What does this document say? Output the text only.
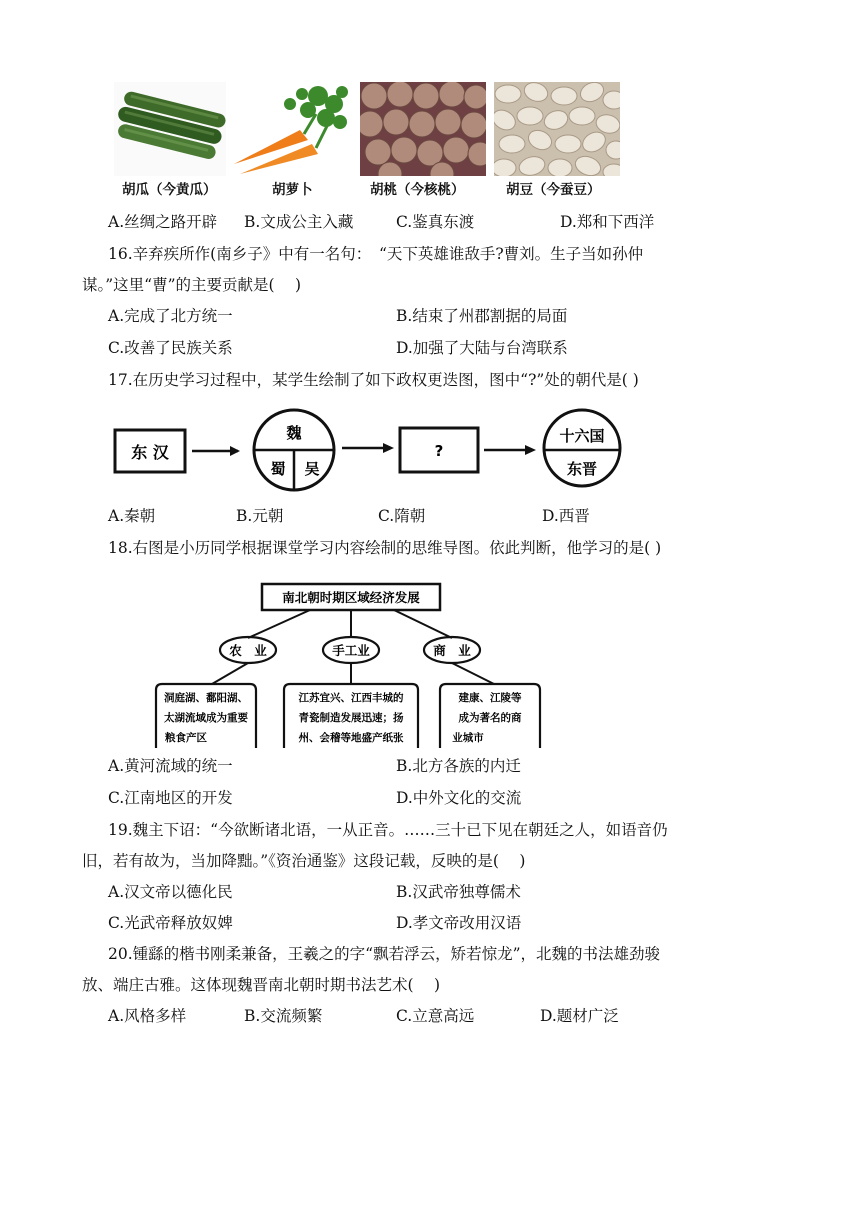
胡瓜（今黄瓜）	胡萝卜	胡桃（今核桃）	胡豆（今蚕豆）
A.丝绸之路开辟 B.文成公主入藏	C.鉴真东渡	D.郑和下西洋
16.辛弃疾所作(南乡子》中有一名句：　“天下英雄谁敌手?曹刘。生子当如孙仲
谋。”这里“曹”的主要贡献是(　 )
A.完成了北方统一	B.结束了州郡割据的局面
C.改善了民族关系	D.加强了大陆与台湾联系
17.在历史学习过程中，某学生绘制了如下政权更迭图，图中“?”处的朝代是( )
东 汉
魏
蜀 吴
?
十六国
东晋
A.秦朝	B.元朝	C.隋朝	D.西晋
18.右图是小历同学根据课堂学习内容绘制的思维导图。依此判断，他学习的是( )
南北朝时期区域经济发展
农　业	手工业	商　业
洞庭湖、鄱阳湖、
太湖流域成为重要
粮食产区
江苏宜兴、江西丰城的
青瓷制造发展迅速；扬
州、会稽等地盛产纸张
建康、江陵等
成为著名的商
业城市
A.黄河流域的统一	B.北方各族的内迁
C.江南地区的开发	D.中外文化的交流
19.魏主下诏：“今欲断诸北语，一从正音。……三十已下见在朝廷之人，如语音仍
旧，若有故为，当加降黜。”《资治通鉴》这段记载，反映的是(　 )
A.汉文帝以德化民	B.汉武帝独尊儒术
C.光武帝释放奴婢	D.孝文帝改用汉语
20.锺繇的楷书刚柔兼备，王羲之的字“飘若浮云，矫若惊龙”，北魏的书法雄劲骏
放、端庄古雅。这体现魏晋南北朝时期书法艺术(　 )
A.风格多样	B.交流频繁	C.立意高远	D.题材广泛
